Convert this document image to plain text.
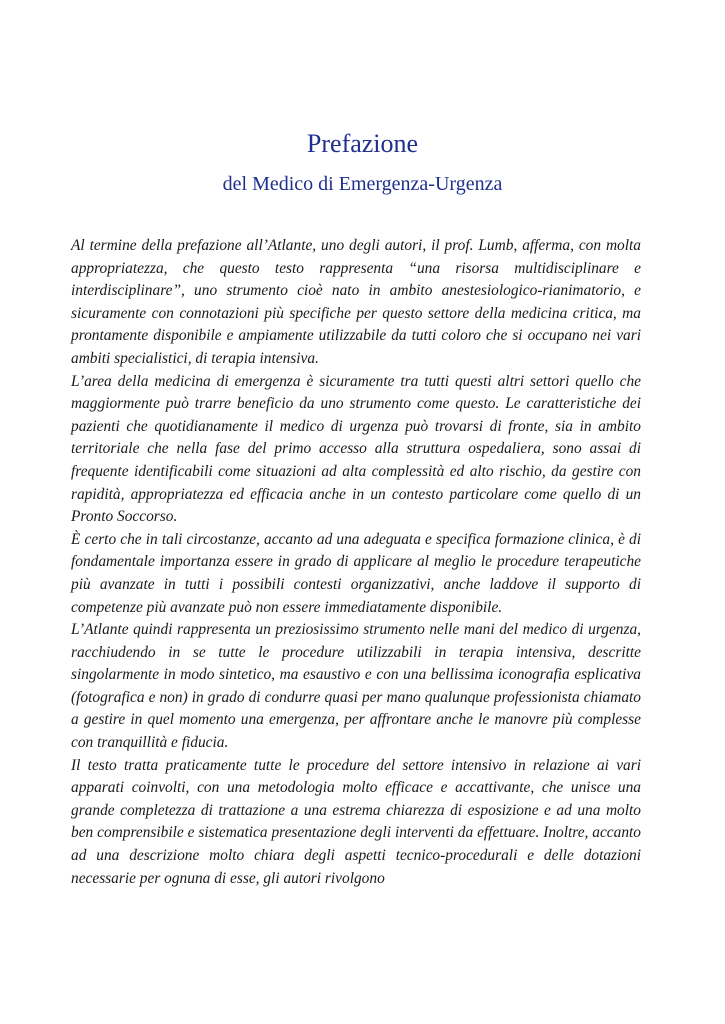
Prefazione
del Medico di Emergenza-Urgenza

Al termine della prefazione all’Atlante, uno degli autori, il prof. Lumb, afferma, con molta appropriatezza, che questo testo rappresenta “una risorsa multidisciplinare e interdisciplinare”, uno strumento cioè nato in ambito anestesiologico-rianimatorio, e sicuramente con connotazioni più specifiche per questo settore della medicina critica, ma prontamente disponibile e ampiamente utilizzabile da tutti coloro che si occupano nei vari ambiti specialistici, di terapia intensiva.

L’area della medicina di emergenza è sicuramente tra tutti questi altri settori quello che maggiormente può trarre beneficio da uno strumento come questo. Le caratteristiche dei pazienti che quotidianamente il medico di urgenza può trovarsi di fronte, sia in ambito territoriale che nella fase del primo accesso alla struttura ospedaliera, sono assai di frequente identificabili come situazioni ad alta complessità ed alto rischio, da gestire con rapidità, appropriatezza ed efficacia anche in un contesto particolare come quello di un Pronto Soccorso.

È certo che in tali circostanze, accanto ad una adeguata e specifica formazione clinica, è di fondamentale importanza essere in grado di applicare al meglio le procedure terapeutiche più avanzate in tutti i possibili contesti organizzativi, anche laddove il supporto di competenze più avanzate può non essere immediatamente disponibile.

L’Atlante quindi rappresenta un preziosissimo strumento nelle mani del medico di urgenza, racchiudendo in se tutte le procedure utilizzabili in terapia intensiva, descritte singolarmente in modo sintetico, ma esaustivo e con una bellissima iconografia esplicativa (fotografica e non) in grado di condurre quasi per mano qualunque professionista chiamato a gestire in quel momento una emergenza, per affrontare anche le manovre più complesse con tranquillità e fiducia.

Il testo tratta praticamente tutte le procedure del settore intensivo in relazione ai vari apparati coinvolti, con una metodologia molto efficace e accattivante, che unisce una grande completezza di trattazione a una estrema chiarezza di esposizione e ad una molto ben comprensibile e sistematica presentazione degli interventi da effettuare. Inoltre, accanto ad una descrizione molto chiara degli aspetti tecnico-procedurali e delle dotazioni necessarie per ognuna di esse, gli autori rivolgono
